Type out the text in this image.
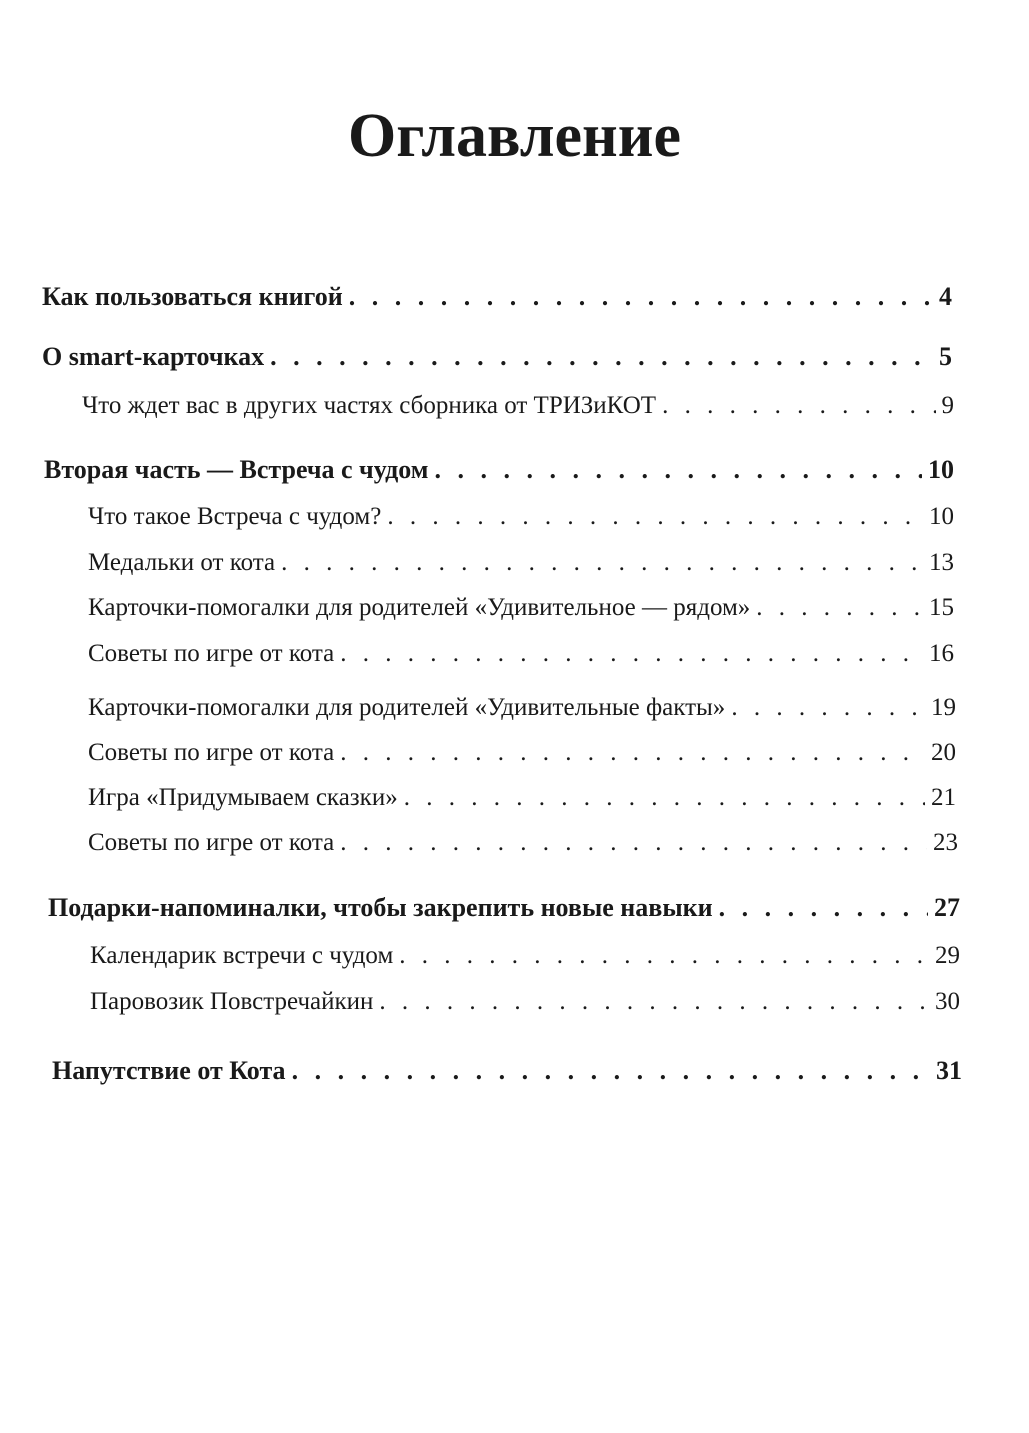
Оглавление
Как пользоваться книгой . . .	4
О smart-карточках . . .	5
Что ждет вас в других частях сборника от ТРИЗиКОТ . . .	9
Вторая часть — Встреча с чудом . . .	10
Что такое Встреча с чудом? . . .	10
Медальки от кота . . .	13
Карточки-помогалки для родителей «Удивительное — рядом» . . .	15
Советы по игре от кота . . .	16
Карточки-помогалки для родителей «Удивительные факты» . . .	19
Советы по игре от кота . . .	20
Игра «Придумываем сказки» . . .	21
Советы по игре от кота . . .	23
Подарки-напоминалки, чтобы закрепить новые навыки . . .	27
Календарик встречи с чудом . . .	29
Паровозик Повстречайкин . . .	30
Напутствие от Кота . . .	31
